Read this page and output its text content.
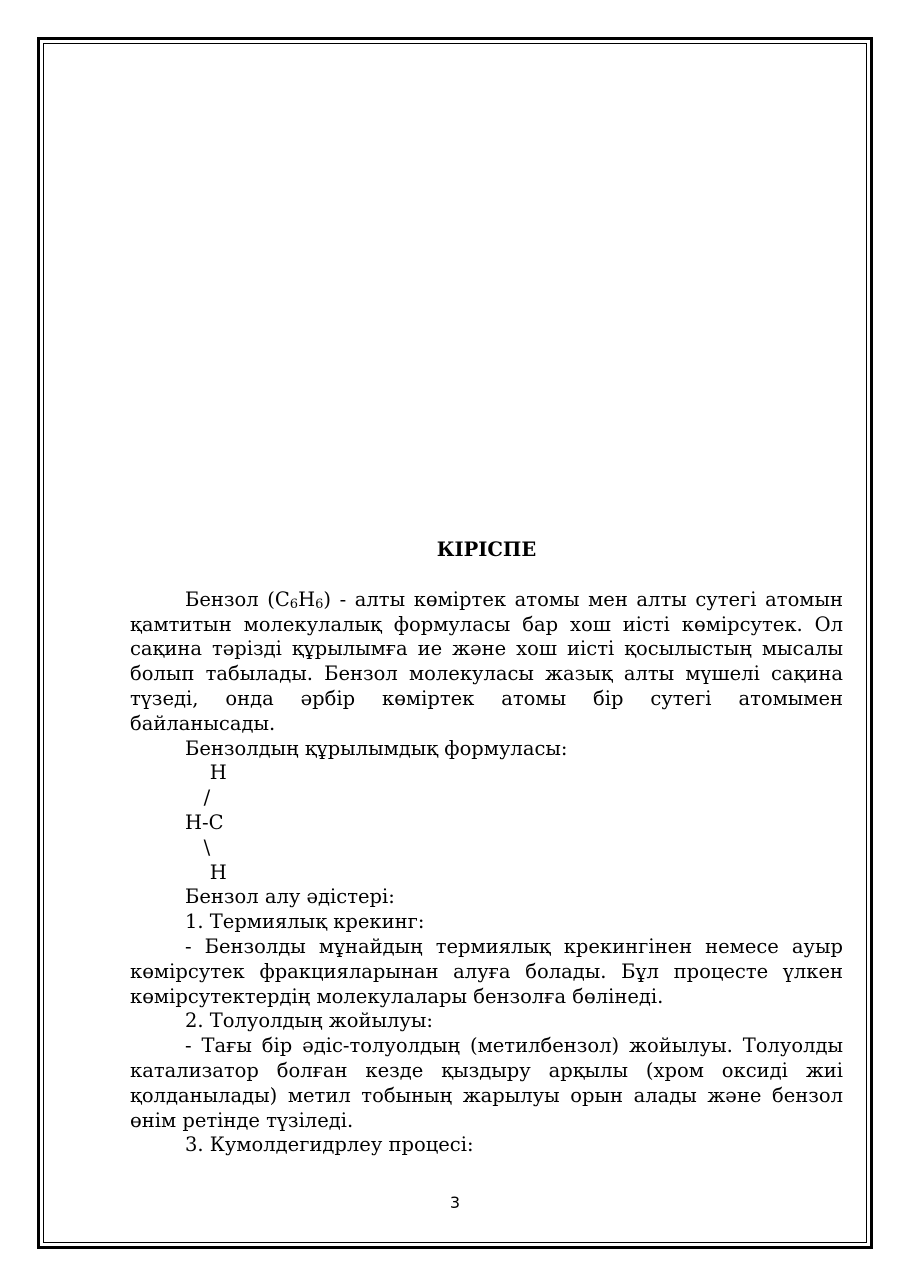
КІРІСПЕ

Бензол $(С_6Н_6)$ - алты көміртек атомы мен алты сутегі атомын қамтитын молекулалық формуласы бар хош иісті көмірсутек. Ол сақина тәрізді құрылымға ие және хош иісті қосылыстың мысалы болып табылады. Бензол молекуласы жазық алты мүшелі сақина түзеді, онда әрбір көміртек атомы бір сутегі атомымен байланысады.

Бензолдың құрылымдық формуласы:

H
/
H-C
\
H

Бензол алу әдістері:

1. Термиялық крекинг:

- Бензолды мұнайдың термиялық крекингінен немесе ауыр көмірсутек фракцияларынан алуға болады. Бұл процесте үлкен көмірсутектердің молекулалары бензолға бөлінеді.

2. Толуолдың жойылуы:

- Тағы бір әдіс-толуолдың (метилбензол) жойылуы. Толуолды катализатор болған кезде қыздыру арқылы (хром оксиді жиі қолданылады) метил тобының жарылуы орын алады және бензол өнім ретінде түзіледі.

3. Кумолдегидрлеу процесі:

3
